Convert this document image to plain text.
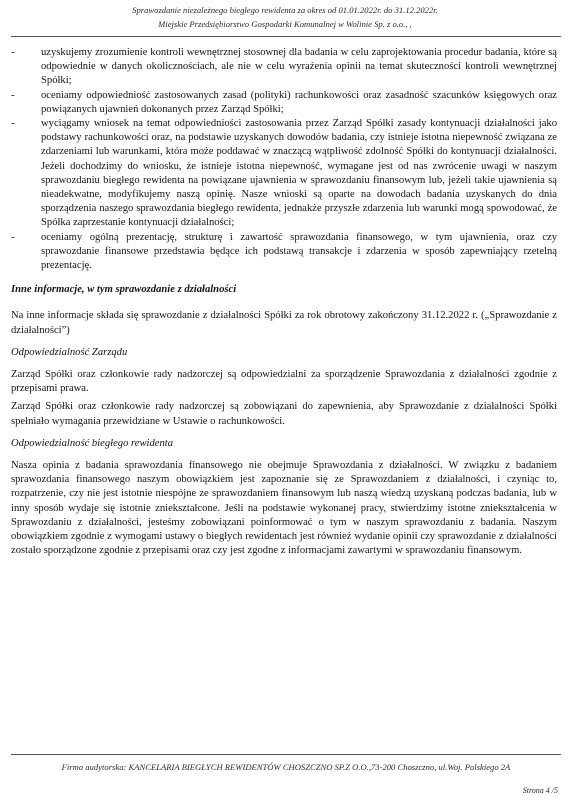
Sprawozdanie niezależnego biegłego rewidenta za okres od 01.01.2022r. do 31.12.2022r.
Miejskie Przedsiębiorstwo Gospodarki Komunalnej w Wolinie Sp. z o.o., ,

- uzyskujemy zrozumienie kontroli wewnętrznej stosownej dla badania w celu zaprojektowania procedur badania, które są odpowiednie w danych okolicznościach, ale nie w celu wyrażenia opinii na temat skuteczności kontroli wewnętrznej Spółki;

- oceniamy odpowiedniość zastosowanych zasad (polityki) rachunkowości oraz zasadność szacunków księgowych oraz powiązanych ujawnień dokonanych przez Zarząd Spółki;

- wyciągamy wniosek na temat odpowiedniości zastosowania przez Zarząd Spółki zasady kontynuacji działalności jako podstawy rachunkowości oraz, na podstawie uzyskanych dowodów badania, czy istnieje istotna niepewność związana ze zdarzeniami lub warunkami, która może poddawać w znaczącą wątpliwość zdolność Spółki do kontynuacji działalności. Jeżeli dochodzimy do wniosku, że istnieje istotna niepewność, wymagane jest od nas zwrócenie uwagi w naszym sprawozdaniu biegłego rewidenta na powiązane ujawnienia w sprawozdaniu finansowym lub, jeżeli takie ujawnienia są nieadekwatne, modyfikujemy naszą opinię. Nasze wnioski są oparte na dowodach badania uzyskanych do dnia sporządzenia naszego sprawozdania biegłego rewidenta, jednakże przyszłe zdarzenia lub warunki mogą spowodować, że Spółka zaprzestanie kontynuacji działalności;

- oceniamy ogólną prezentację, strukturę i zawartość sprawozdania finansowego, w tym ujawnienia, oraz czy sprawozdanie finansowe przedstawia będące ich podstawą transakcje i zdarzenia w sposób zapewniający rzetelną prezentację.

Inne informacje, w tym sprawozdanie z działalności

Na inne informacje składa się sprawozdanie z działalności Spółki za rok obrotowy zakończony 31.12.2022 r. („Sprawozdanie z działalności”)

Odpowiedzialność Zarządu

Zarząd Spółki oraz członkowie rady nadzorczej są odpowiedzialni za sporządzenie Sprawozdania z działalności zgodnie z przepisami prawa.

Zarząd Spółki oraz członkowie rady nadzorczej są zobowiązani do zapewnienia, aby Sprawozdanie z działalności Spółki spełniało wymagania przewidziane w Ustawie o rachunkowości.

Odpowiedzialność biegłego rewidenta

Nasza opinia z badania sprawozdania finansowego nie obejmuje Sprawozdania z działalności. W związku z badaniem sprawozdania finansowego naszym obowiązkiem jest zapoznanie się ze Sprawozdaniem z działalności, i czyniąc to, rozpatrzenie, czy nie jest istotnie niespójne ze sprawozdaniem finansowym lub naszą wiedzą uzyskaną podczas badania, lub w inny sposób wydaje się istotnie zniekształcone. Jeśli na podstawie wykonanej pracy, stwierdzimy istotne zniekształcenia w Sprawozdaniu z działalności, jesteśmy zobowiązani poinformować o tym w naszym sprawozdaniu z badania. Naszym obowiązkiem zgodnie z wymogami ustawy o biegłych rewidentach jest również wydanie opinii czy sprawozdanie z działalności zostało sporządzone zgodnie z przepisami oraz czy jest zgodne z informacjami zawartymi w sprawozdaniu finansowym.

Firma audytorska: KANCELARIA BIEGŁYCH REWIDENTÓW CHOSZCZNO SP.Z O.O.,73-200 Choszczno, ul.Woj. Polskiego 2A
Strona 4 /5
